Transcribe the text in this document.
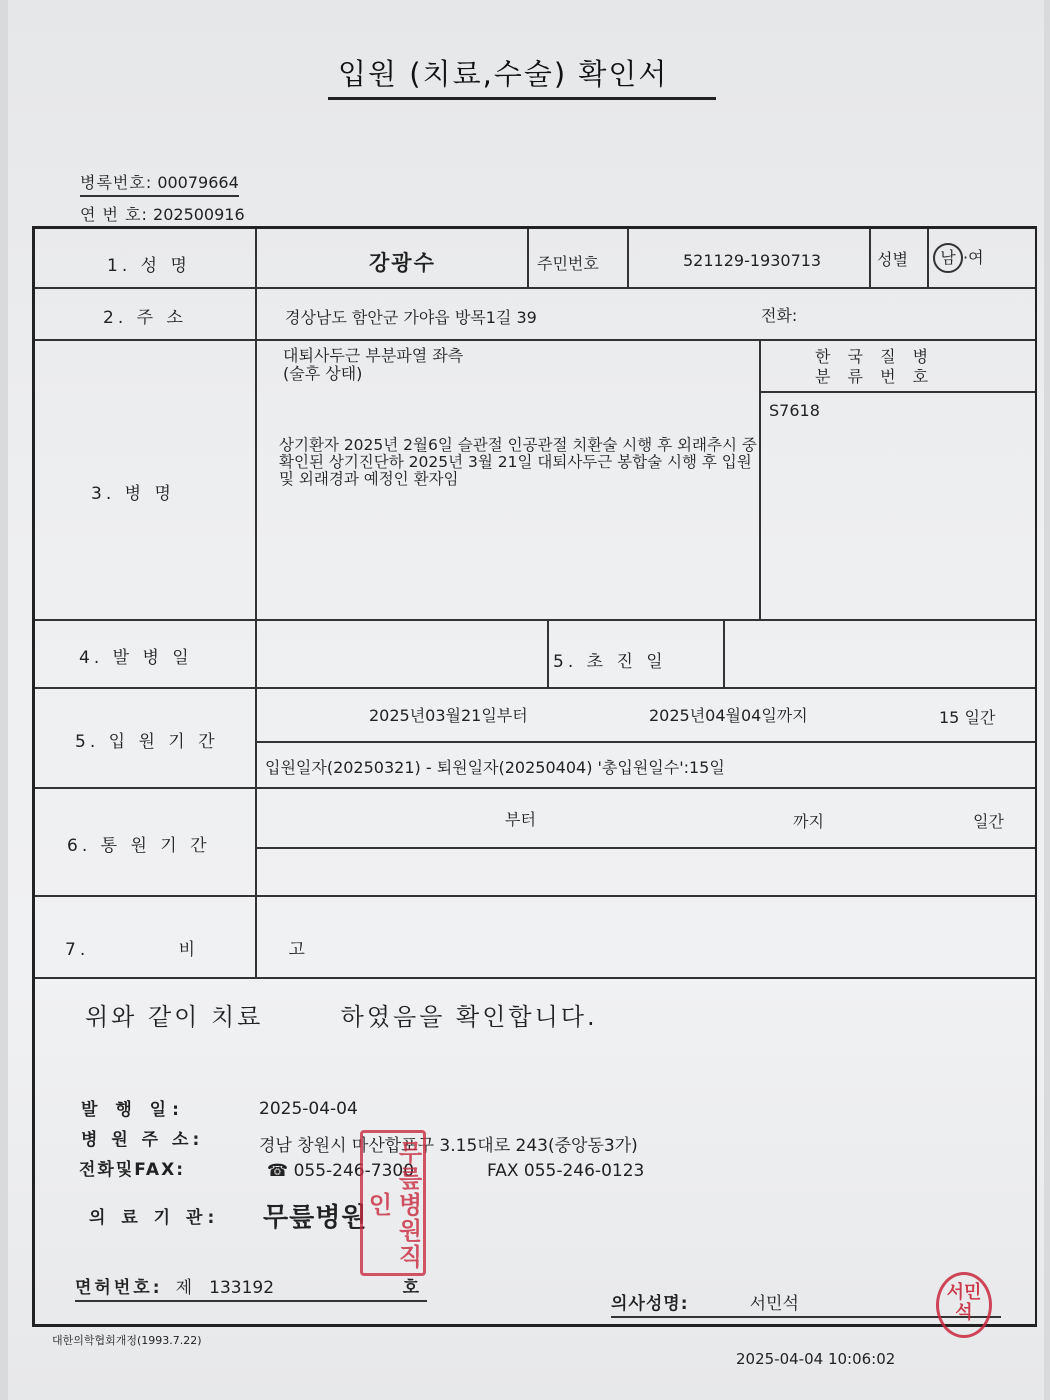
입원 (치료,수술) 확인서
병록번호: 00079664
연 번 호: 202500916
1. 성 명	강광수	주민번호	521129-1930713	성별	남 ·여
2. 주 소	경상남도 함안군 가야읍 방목1길 39	전화:
3. 병 명
대퇴사두근 부분파열 좌측
(술후 상태)
상기환자 2025년 2월6일 슬관절 인공관절 치환술 시행 후 외래추시 중 확인된 상기진단하 2025년 3월 21일 대퇴사두근 봉합술 시행 후 입원 및 외래경과 예정인 환자임
한 국 질 병
분 류 번 호
S7618
4. 발 병 일	5. 초 진 일
5. 입 원 기 간
2025년03월21일부터	2025년04월04일까지	15 일간
입원일자(20250321) - 퇴원일자(20250404) '총입원일수':15일
6. 통 원 기 간
부터	까지	일간
7. 비 고
위와 같이 치료	하였음을 확인합니다.
발 행 일:	2025-04-04
병 원 주 소:	경남 창원시 마산합포구 3.15대로 243(중앙동3가)
전화및FAX:	☎ 055-246-7300	FAX 055-246-0123
의 료 기 관: 무릎병원
면허번호: 제 133192	호
의사성명:	서민석
무릎병원직인
서민석
대한의학협회개정(1993.7.22)
2025-04-04 10:06:02
